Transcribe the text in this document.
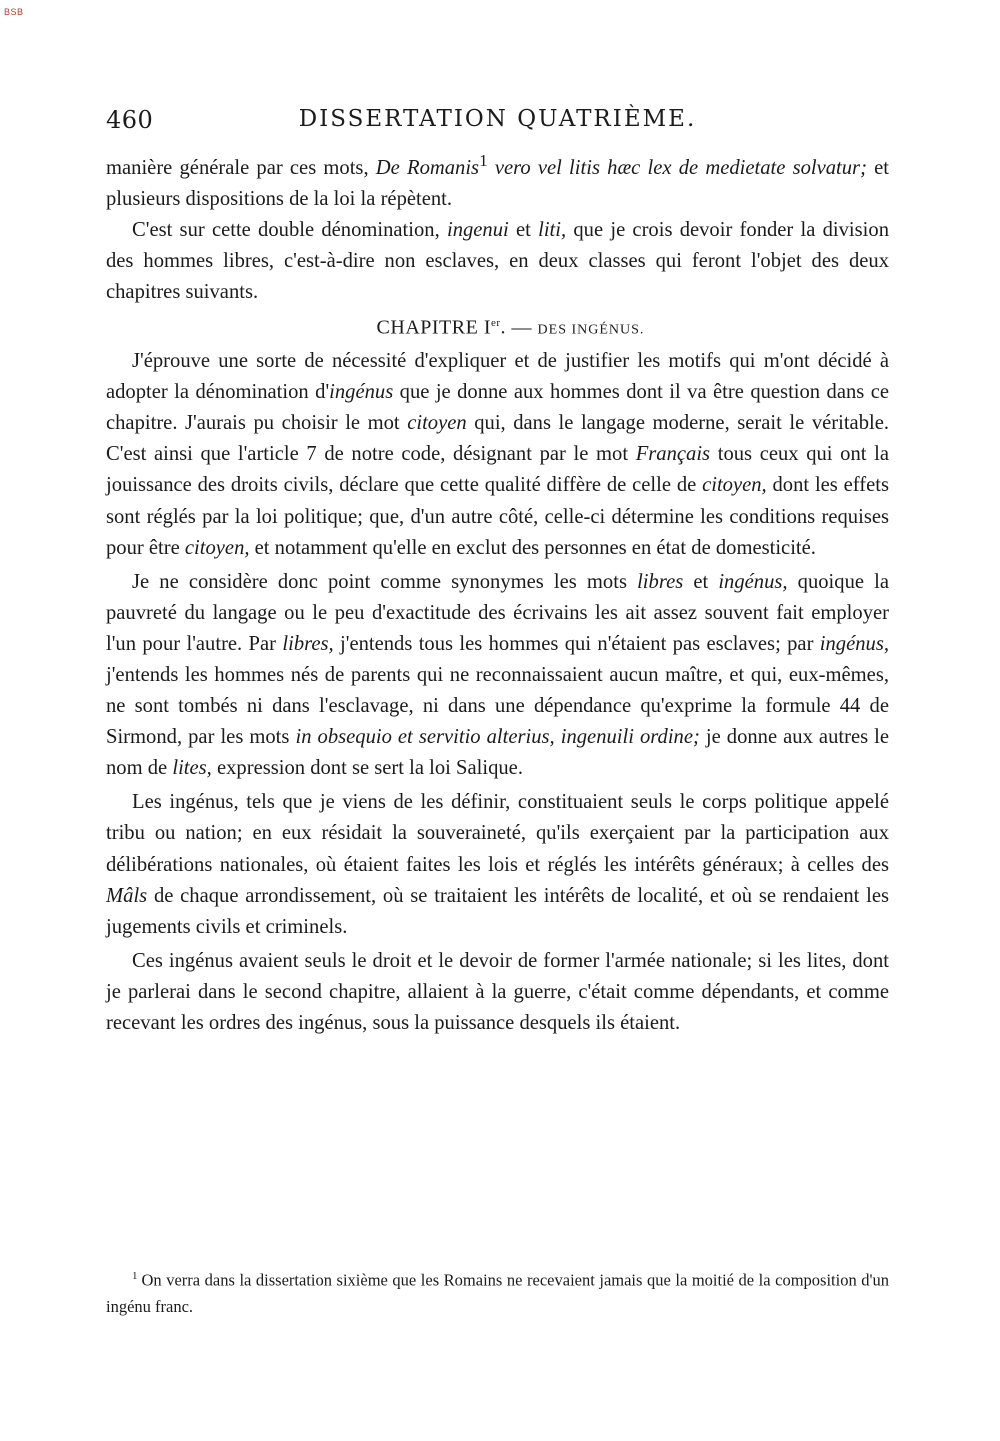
BSB
460	DISSERTATION QUATRIÈME.

manière générale par ces mots, De Romanis$^1$ vero vel litis hæc lex de medietate solvatur; et plusieurs dispositions de la loi la répètent.

C'est sur cette double dénomination, ingenui et liti, que je crois devoir fonder la division des hommes libres, c'est-à-dire non esclaves, en deux classes qui feront l'objet des deux chapitres suivants.

CHAPITRE Ier. — DES INGÉNUS.

J'éprouve une sorte de nécessité d'expliquer et de justifier les motifs qui m'ont décidé à adopter la dénomination d'ingénus que je donne aux hommes dont il va être question dans ce chapitre. J'aurais pu choisir le mot citoyen qui, dans le langage moderne, serait le véritable. C'est ainsi que l'article 7 de notre code, désignant par le mot Français tous ceux qui ont la jouissance des droits civils, déclare que cette qualité diffère de celle de citoyen, dont les effets sont réglés par la loi politique; que, d'un autre côté, celle-ci détermine les conditions requises pour être citoyen, et notamment qu'elle en exclut des personnes en état de domesticité.

Je ne considère donc point comme synonymes les mots libres et ingénus, quoique la pauvreté du langage ou le peu d'exactitude des écrivains les ait assez souvent fait employer l'un pour l'autre. Par libres, j'entends tous les hommes qui n'étaient pas esclaves; par ingénus, j'entends les hommes nés de parents qui ne reconnaissaient aucun maître, et qui, eux-mêmes, ne sont tombés ni dans l'esclavage, ni dans une dépendance qu'exprime la formule 44 de Sirmond, par les mots in obsequio et servitio alterius, ingenuili ordine; je donne aux autres le nom de lites, expression dont se sert la loi Salique.

Les ingénus, tels que je viens de les définir, constituaient seuls le corps politique appelé tribu ou nation; en eux résidait la souveraineté, qu'ils exerçaient par la participation aux délibérations nationales, où étaient faites les lois et réglés les intérêts généraux; à celles des Mâls de chaque arrondissement, où se traitaient les intérêts de localité, et où se rendaient les jugements civils et criminels.

Ces ingénus avaient seuls le droit et le devoir de former l'armée nationale; si les lites, dont je parlerai dans le second chapitre, allaient à la guerre, c'était comme dépendants, et comme recevant les ordres des ingénus, sous la puissance desquels ils étaient.

$^1$ On verra dans la dissertation sixième que les Romains ne recevaient jamais que la moitié de la composition d'un ingénu franc.
